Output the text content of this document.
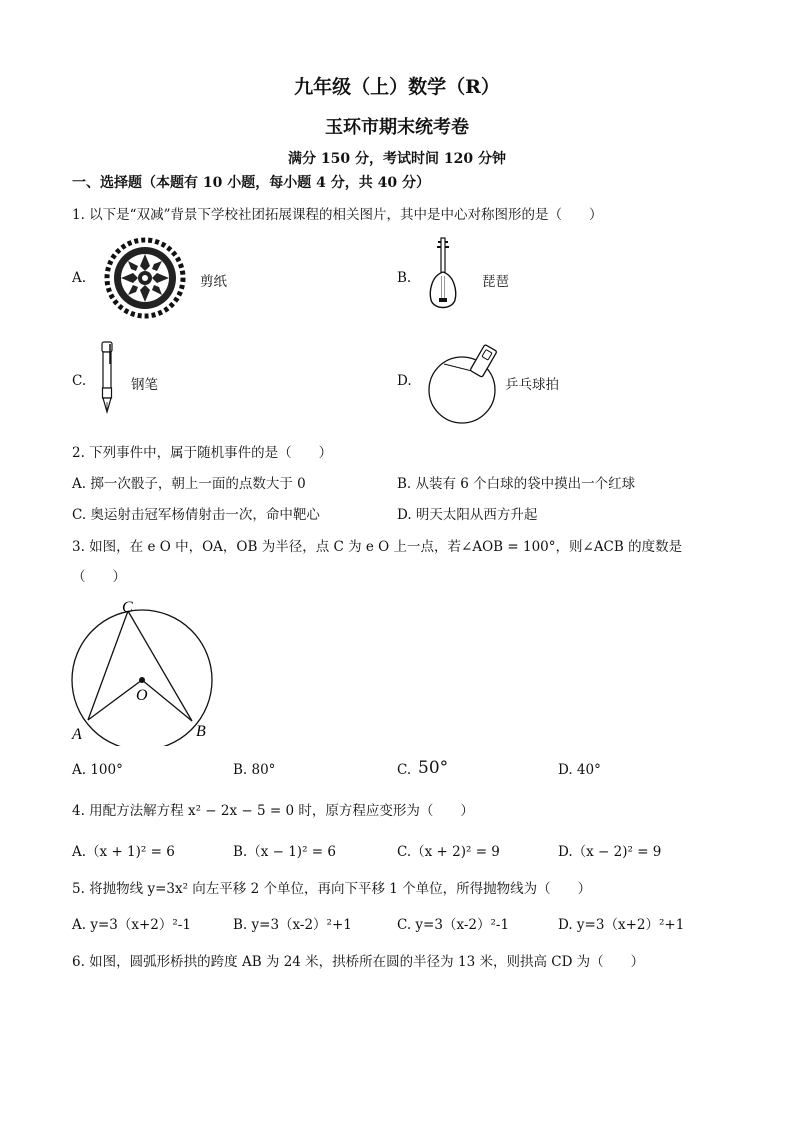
九年级（上）数学（R）
玉环市期末统考卷
满分 150 分，考试时间 120 分钟
一、选择题（本题有 10 小题，每小题 4 分，共 40 分）
1. 以下是“双减”背景下学校社团拓展课程的相关图片，其中是中心对称图形的是（　　）
A.	剪纸	B.	琵琶
C.	钢笔	D.	乒乓球拍
2. 下列事件中，属于随机事件的是（　　）
A. 掷一次骰子，朝上一面的点数大于 0	B. 从装有 6 个白球的袋中摸出一个红球
C. 奥运射击冠军杨倩射击一次，命中靶心	D. 明天太阳从西方升起
3. 如图，在 e O 中，OA，OB 为半径，点 C 为 e O 上一点，若∠AOB = 100°，则∠ACB 的度数是
（　　）
C
O
A	B
A. 100°	B. 80°	C. 50°	D. 40°
4. 用配方法解方程 x² − 2x − 5 = 0 时，原方程应变形为（　　）
A.（x + 1)² = 6	B.（x − 1)² = 6	C.（x + 2)² = 9	D.（x − 2)² = 9
5. 将抛物线 y=3x² 向左平移 2 个单位，再向下平移 1 个单位，所得抛物线为（　　）
A. y=3（x+2）²-1	B. y=3（x-2）²+1	C. y=3（x-2）²-1	D. y=3（x+2）²+1
6. 如图，圆弧形桥拱的跨度 AB 为 24 米，拱桥所在圆的半径为 13 米，则拱高 CD 为（　　）
